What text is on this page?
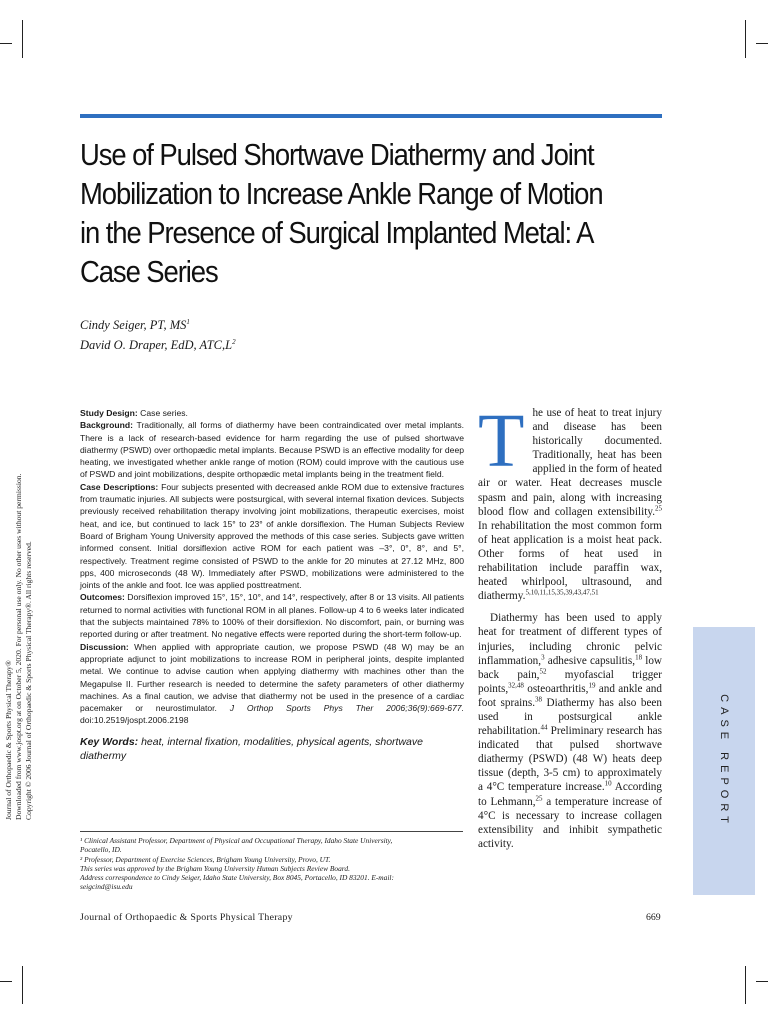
Use of Pulsed Shortwave Diathermy and Joint Mobilization to Increase Ankle Range of Motion in the Presence of Surgical Implanted Metal: A Case Series
Cindy Seiger, PT, $MS^1$
David O. Draper, EdD, $ATC,L^2$

Study Design: Case series.

Background: Traditionally, all forms of diathermy have been contraindicated over metal implants. There is a lack of research-based evidence for harm regarding the use of pulsed shortwave diathermy (PSWD) over orthopædic metal implants. Because PSWD is an effective modality for deep heating, we investigated whether ankle range of motion (ROM) could improve with the cautious use of PSWD and joint mobilizations, despite orthopædic metal implants being in the treatment field.

Case Descriptions: Four subjects presented with decreased ankle ROM due to extensive fractures from traumatic injuries. All subjects were postsurgical, with several internal fixation devices. Subjects previously received rehabilitation therapy involving joint mobilizations, therapeutic exercises, moist heat, and ice, but continued to lack 15° to 23° of ankle dorsiflexion. The Human Subjects Review Board of Brigham Young University approved the methods of this case series. Subjects gave written informed consent. Initial dorsiflexion active ROM for each patient was –3°, 0°, 8°, and 5°, respectively. Treatment regime consisted of PSWD to the ankle for 20 minutes at 27.12 MHz, 800 pps, 400 microseconds (48 W). Immediately after PSWD, mobilizations were administered to the joints of the ankle and foot. Ice was applied posttreatment.

Outcomes: Dorsiflexion improved 15°, 15°, 10°, and 14°, respectively, after 8 or 13 visits. All patients returned to normal activities with functional ROM in all planes. Follow-up 4 to 6 weeks later indicated that the subjects maintained 78% to 100% of their dorsiflexion. No discomfort, pain, or burning was reported during or after treatment. No negative effects were reported during the short-term follow-up.

Discussion: When applied with appropriate caution, we propose PSWD (48 W) may be an appropriate adjunct to joint mobilizations to increase ROM in peripheral joints, despite implanted metal. We continue to advise caution when applying diathermy with machines other than the Megapulse II. Further research is needed to determine the safety parameters of other diathermy machines. As a final caution, we advise that diathermy not be used in the presence of a cardiac pacemaker or neurostimulator. J Orthop Sports Phys Ther 2006;36(9):669-677. doi:10.2519/jospt.2006.2198

Key Words: heat, internal fixation, modalities, physical agents, shortwave diathermy

Journal of Orthopaedic & Sports Physical Therapy® Downloaded from www.jospt.org at on October 5, 2020. For personal use only. No other uses without permission. Copyright © 2006 Journal of Orthopaedic & Sports Physical Therapy®. All rights reserved.
¹ Clinical Assistant Professor, Department of Physical and Occupational Therapy, Idaho State University,
Pocatello, ID.
² Professor, Department of Exercise Sciences, Brigham Young University, Provo, UT.
This series was approved by the Brigham Young University Human Subjects Review Board.
Address correspondence to Cindy Seiger, Idaho State University, Box 8045, Portacello, ID 83201. E-mail:
seigcind@isu.edu

The use of heat to treat injury and disease has been historically documented. Traditionally, heat has been applied in the form of heated air or water. Heat decreases muscle spasm and pain, along with increasing blood flow and collagen extensibility.$^{25}$ In rehabilitation the most common form of heat application is a moist heat pack. Other forms of heat used in rehabilitation include paraffin wax, heated whirlpool, ultrasound, and diathermy.$^{5,10,11,15,35,39,43,47,51}$

Diathermy has been used to apply heat for treatment of different types of injuries, including chronic pelvic inflammation,$^3$ adhesive capsulitis,$^{18}$ low back pain,$^{52}$ myofascial trigger points,$^{32,48}$ osteoarthritis,$^{19}$ and ankle and foot sprains.$^{38}$ Diathermy has also been used in postsurgical ankle rehabilitation.$^{44}$ Preliminary research has indicated that pulsed shortwave diathermy (PSWD) (48 W) heats deep tissue (depth, 3-5 cm) to approximately a 4°C temperature increase.$^{10}$ According to Lehmann,$^{25}$ a temperature increase of 4°C is necessary to increase collagen extensibility and inhibit sympathetic activity.

CASE REPORT
Journal of Orthopaedic & Sports Physical Therapy	669
